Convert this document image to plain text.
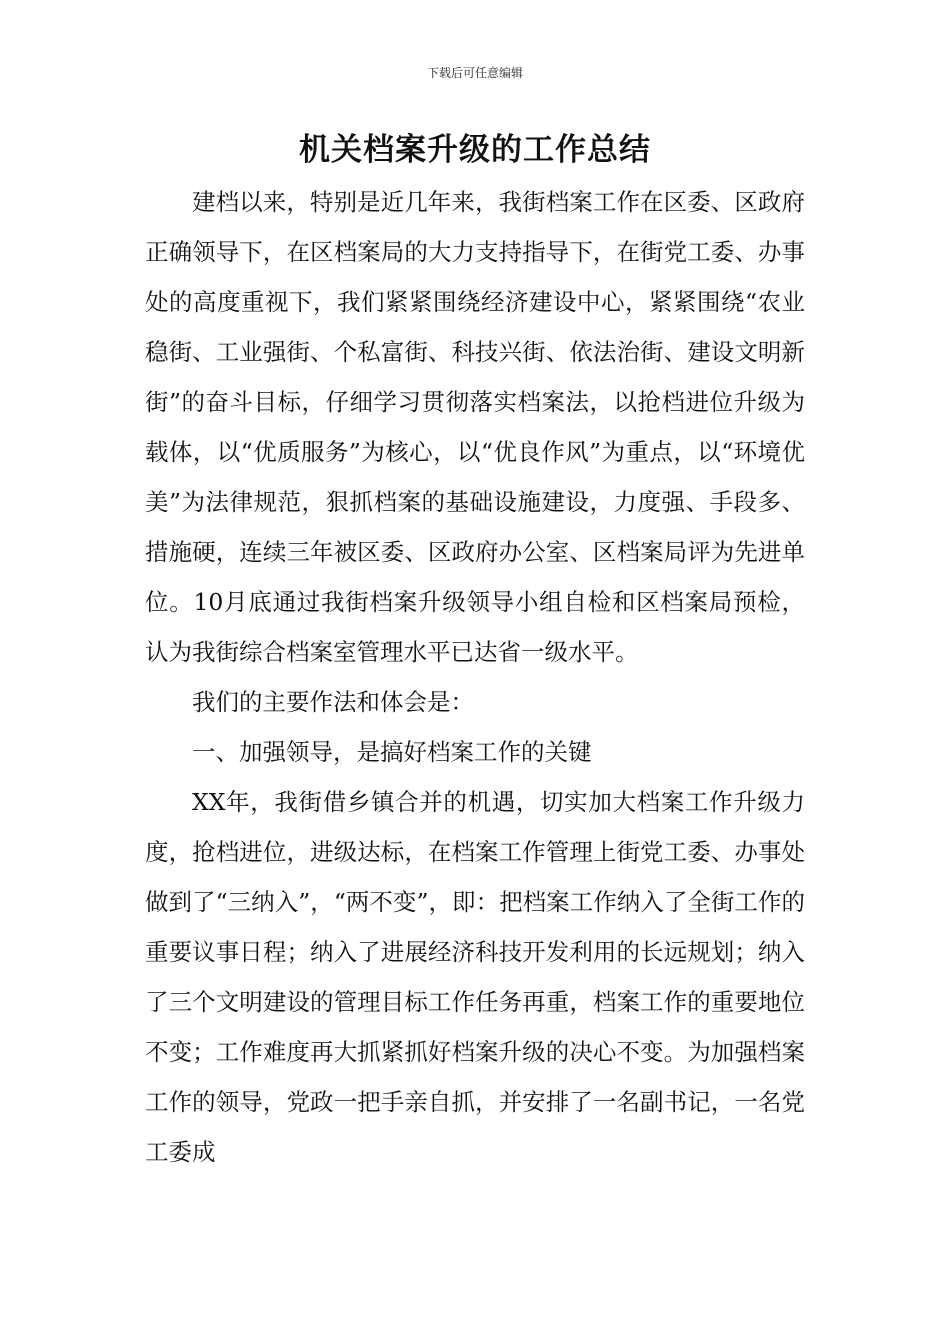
下载后可任意编辑
机关档案升级的工作总结

建档以来，特别是近几年来，我街档案工作在区委、区政府正确领导下，在区档案局的大力支持指导下，在街党工委、办事处的高度重视下，我们紧紧围绕经济建设中心，紧紧围绕“农业稳街、工业强街、个私富街、科技兴街、依法治街、建设文明新街”的奋斗目标，仔细学习贯彻落实档案法，以抢档进位升级为载体，以“优质服务”为核心，以“优良作风”为重点，以“环境优美”为法律规范，狠抓档案的基础设施建设，力度强、手段多、措施硬，连续三年被区委、区政府办公室、区档案局评为先进单位。10月底通过我街档案升级领导小组自检和区档案局预检，认为我街综合档案室管理水平已达省一级水平。

我们的主要作法和体会是：

一、加强领导，是搞好档案工作的关键

XX年，我街借乡镇合并的机遇，切实加大档案工作升级力度，抢档进位，进级达标，在档案工作管理上街党工委、办事处做到了“三纳入”，“两不变”，即：把档案工作纳入了全街工作的重要议事日程；纳入了进展经济科技开发利用的长远规划；纳入了三个文明建设的管理目标工作任务再重，档案工作的重要地位不变；工作难度再大抓紧抓好档案升级的决心不变。为加强档案工作的领导，党政一把手亲自抓，并安排了一名副书记，一名党工委成
